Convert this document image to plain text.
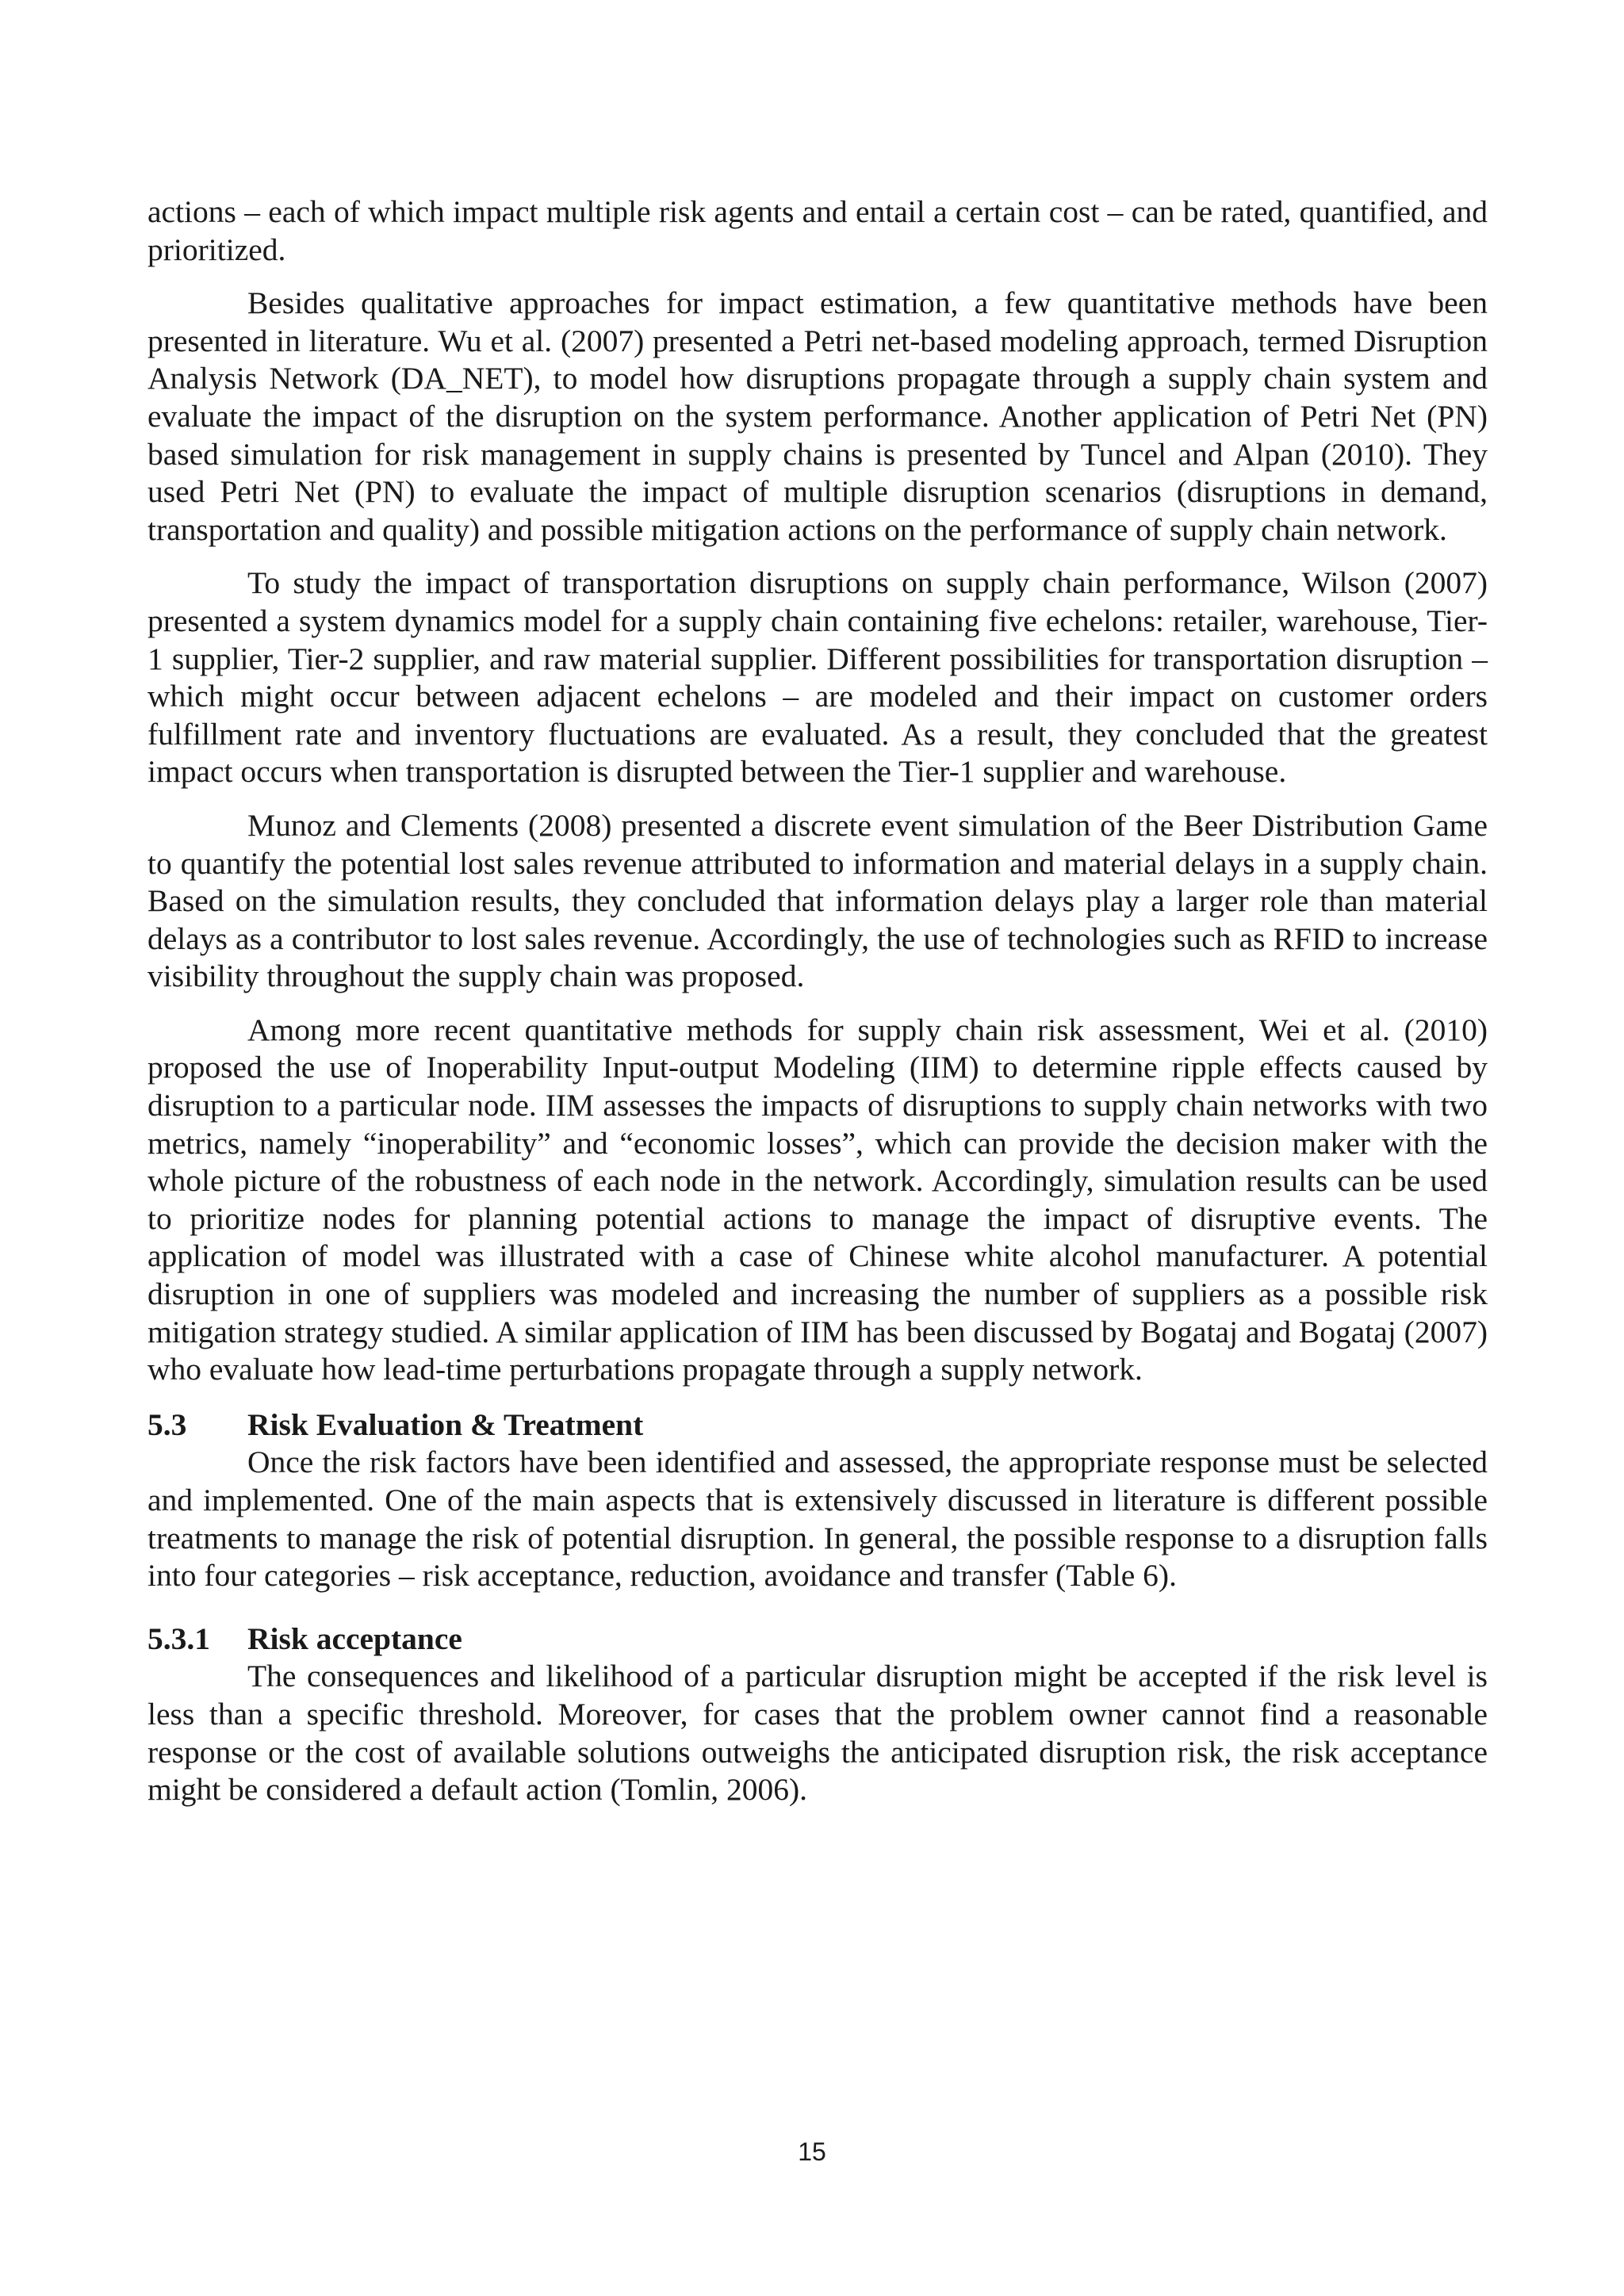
actions – each of which impact multiple risk agents and entail a certain cost – can be rated, quantified, and prioritized.

Besides qualitative approaches for impact estimation, a few quantitative methods have been presented in literature. Wu et al. (2007) presented a Petri net-based modeling approach, termed Disruption Analysis Network (DA_NET), to model how disruptions propagate through a supply chain system and evaluate the impact of the disruption on the system performance. Another application of Petri Net (PN) based simulation for risk management in supply chains is presented by Tuncel and Alpan (2010). They used Petri Net (PN) to evaluate the impact of multiple disruption scenarios (disruptions in demand, transportation and quality) and possible mitigation actions on the performance of supply chain network.

To study the impact of transportation disruptions on supply chain performance, Wilson (2007) presented a system dynamics model for a supply chain containing five echelons: retailer, warehouse, Tier-1 supplier, Tier-2 supplier, and raw material supplier. Different possibilities for transportation disruption – which might occur between adjacent echelons – are modeled and their impact on customer orders fulfillment rate and inventory fluctuations are evaluated. As a result, they concluded that the greatest impact occurs when transportation is disrupted between the Tier-1 supplier and warehouse.

Munoz and Clements (2008) presented a discrete event simulation of the Beer Distribution Game to quantify the potential lost sales revenue attributed to information and material delays in a supply chain. Based on the simulation results, they concluded that information delays play a larger role than material delays as a contributor to lost sales revenue. Accordingly, the use of technologies such as RFID to increase visibility throughout the supply chain was proposed.

Among more recent quantitative methods for supply chain risk assessment, Wei et al. (2010) proposed the use of Inoperability Input-output Modeling (IIM) to determine ripple effects caused by disruption to a particular node. IIM assesses the impacts of disruptions to supply chain networks with two metrics, namely “inoperability” and “economic losses”, which can provide the decision maker with the whole picture of the robustness of each node in the network. Accordingly, simulation results can be used to prioritize nodes for planning potential actions to manage the impact of disruptive events. The application of model was illustrated with a case of Chinese white alcohol manufacturer. A potential disruption in one of suppliers was modeled and increasing the number of suppliers as a possible risk mitigation strategy studied. A similar application of IIM has been discussed by Bogataj and Bogataj (2007) who evaluate how lead-time perturbations propagate through a supply network.

5.3	Risk Evaluation & Treatment

Once the risk factors have been identified and assessed, the appropriate response must be selected and implemented. One of the main aspects that is extensively discussed in literature is different possible treatments to manage the risk of potential disruption. In general, the possible response to a disruption falls into four categories – risk acceptance, reduction, avoidance and transfer (Table 6).

5.3.1	Risk acceptance

The consequences and likelihood of a particular disruption might be accepted if the risk level is less than a specific threshold. Moreover, for cases that the problem owner cannot find a reasonable response or the cost of available solutions outweighs the anticipated disruption risk, the risk acceptance might be considered a default action (Tomlin, 2006).

15
